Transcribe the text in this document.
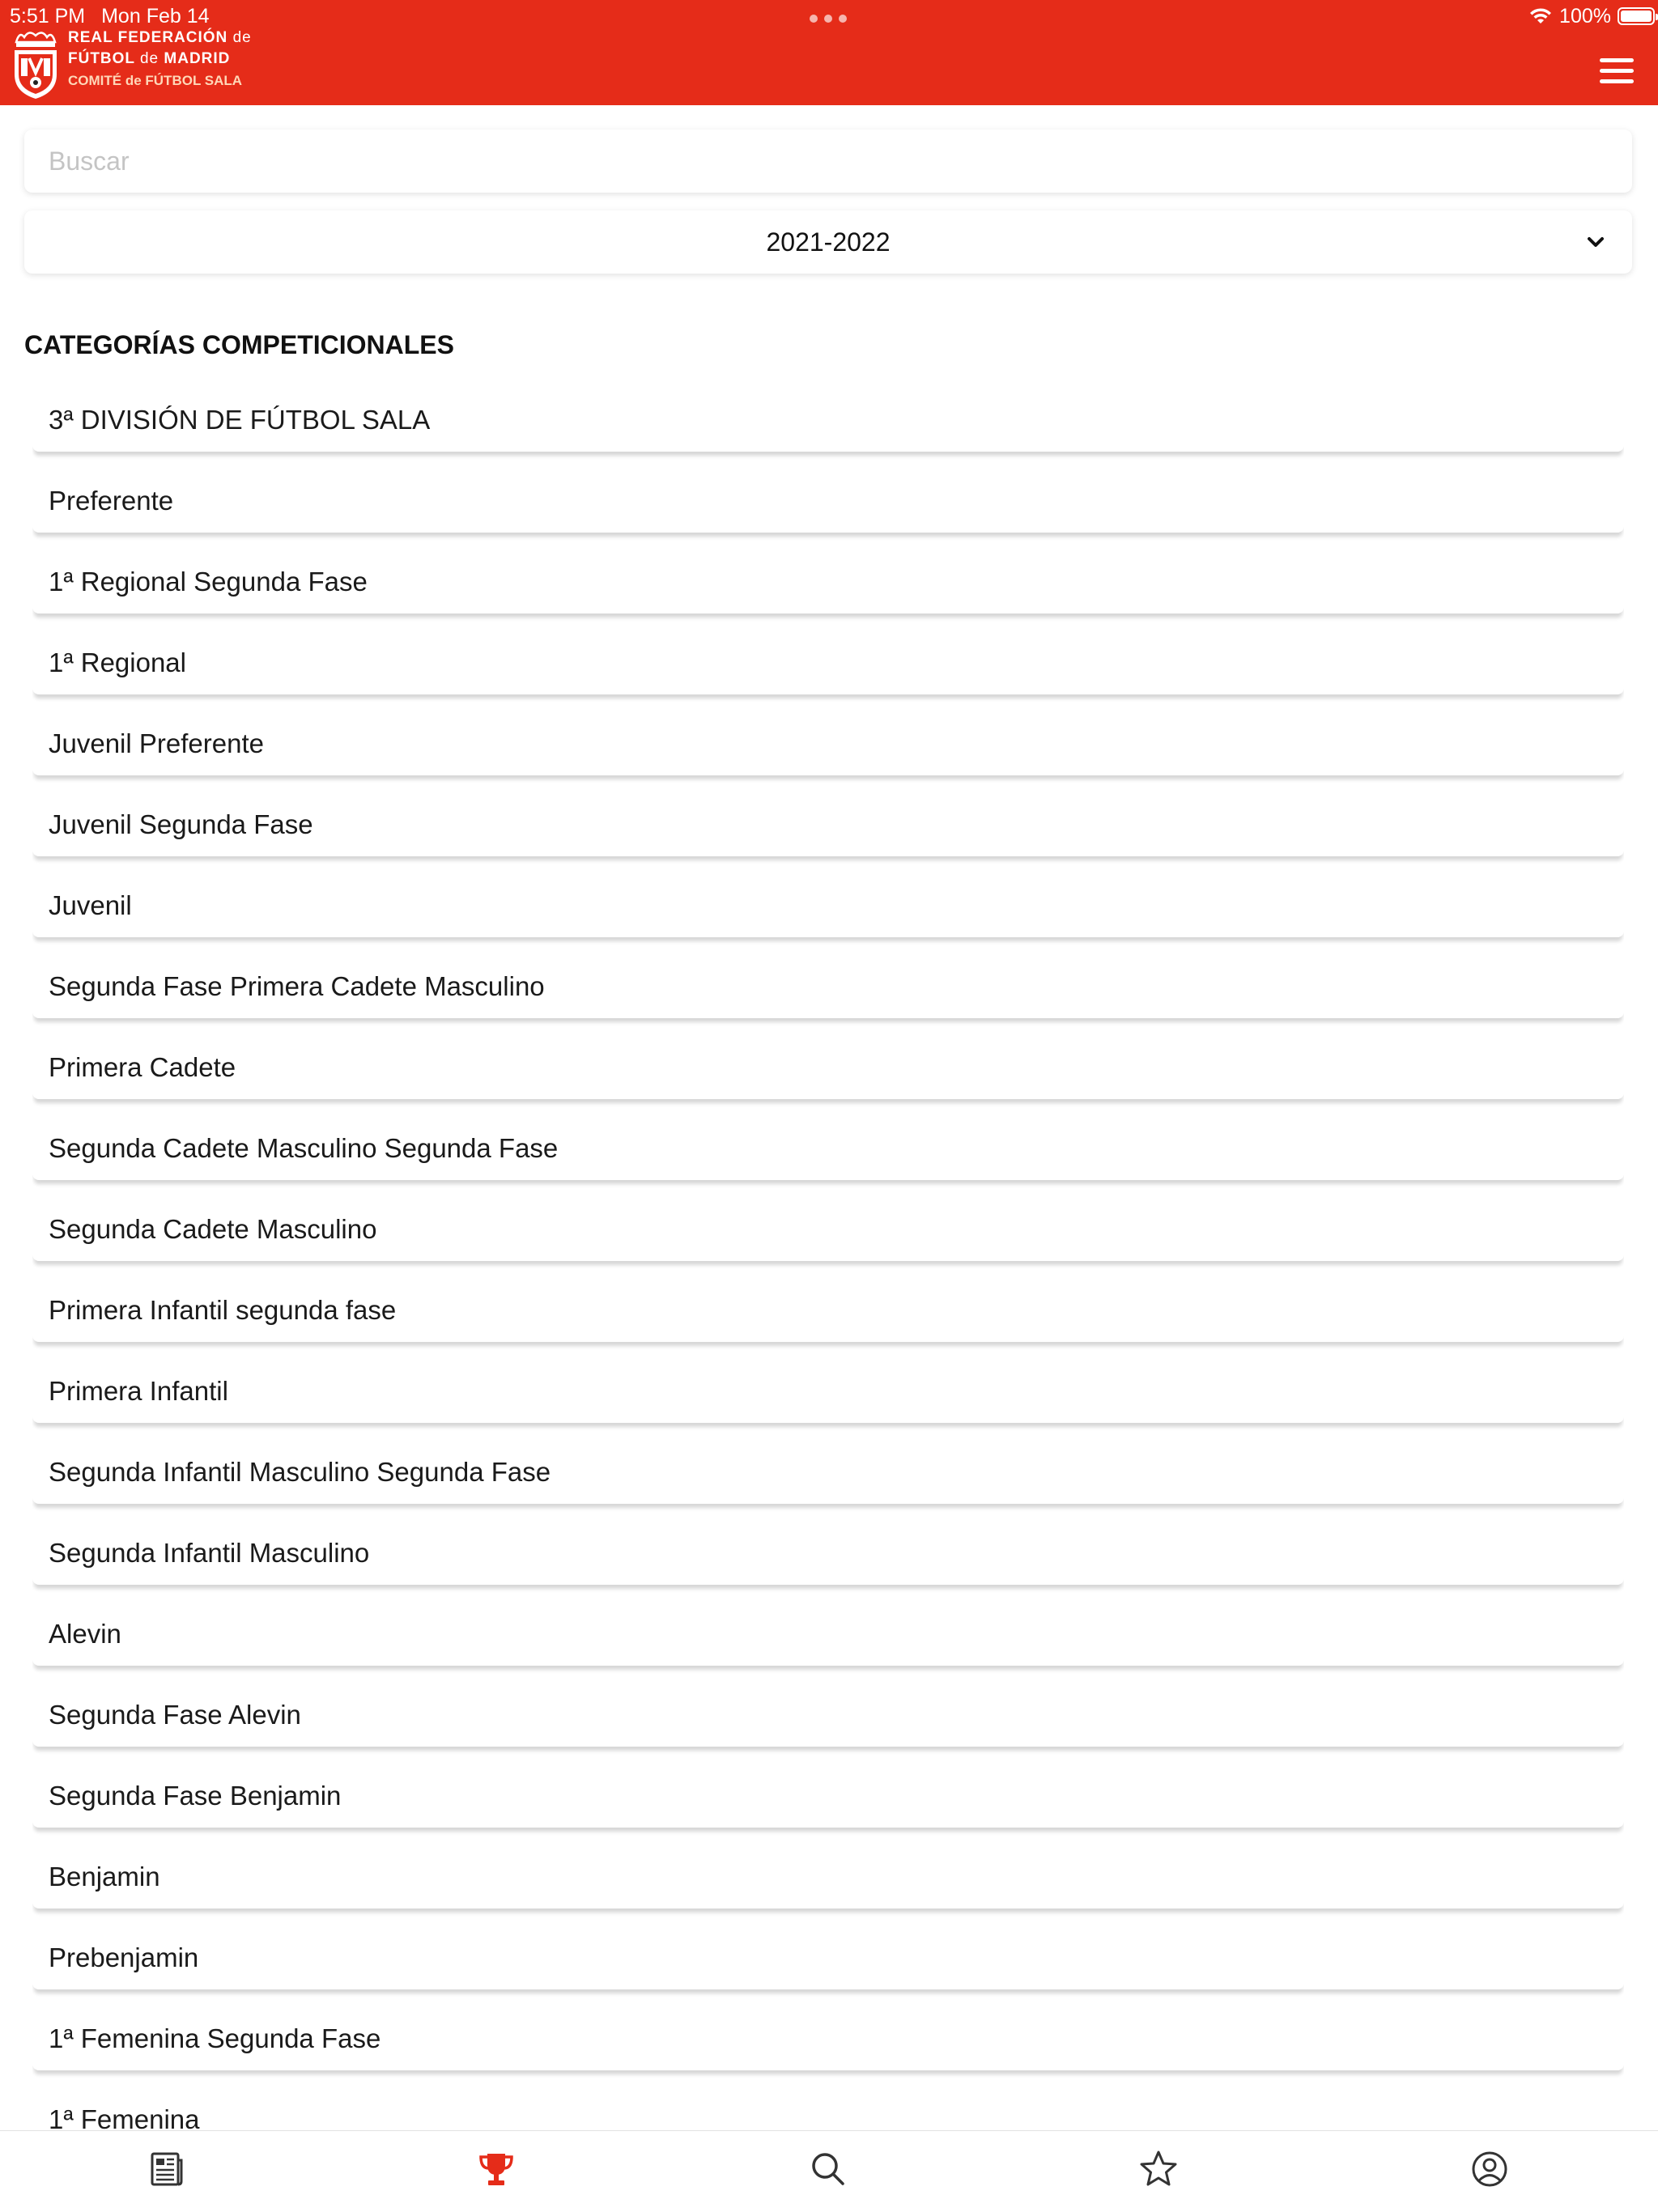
5:51 PM Mon Feb 14	100%
REAL FEDERACIÓN de
FÚTBOL de MADRID
COMITÉ de FÚTBOL SALA
Buscar
2021-2022
CATEGORÍAS COMPETICIONALES
3ª DIVISIÓN DE FÚTBOL SALA
Preferente
1ª Regional Segunda Fase
1ª Regional
Juvenil Preferente
Juvenil Segunda Fase
Juvenil
Segunda Fase Primera Cadete Masculino
Primera Cadete
Segunda Cadete Masculino Segunda Fase
Segunda Cadete Masculino
Primera Infantil segunda fase
Primera Infantil
Segunda Infantil Masculino Segunda Fase
Segunda Infantil Masculino
Alevin
Segunda Fase Alevin
Segunda Fase Benjamin
Benjamin
Prebenjamin
1ª Femenina Segunda Fase
1ª Femenina
